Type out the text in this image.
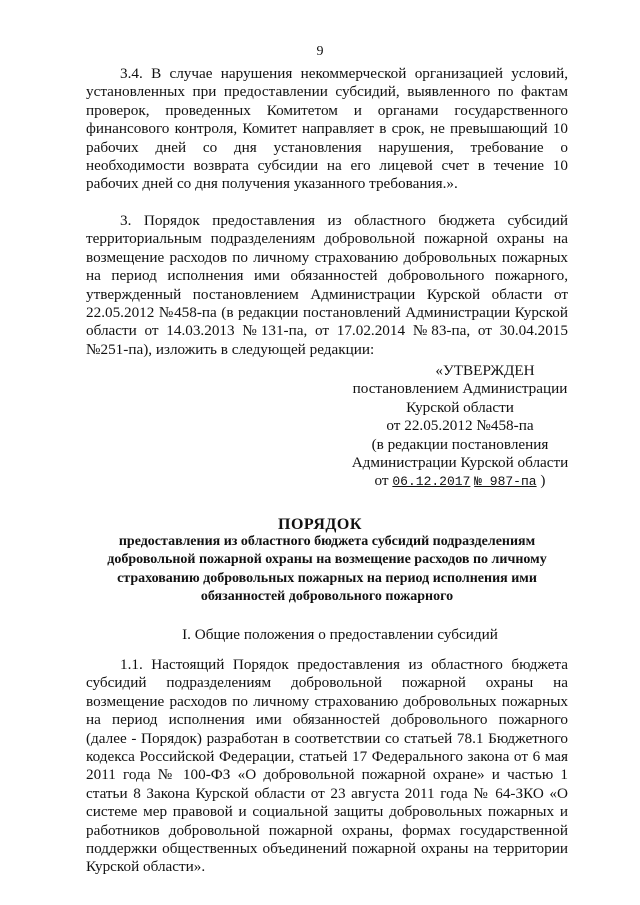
9

3.4. В случае нарушения некоммерческой организацией условий, установленных при предоставлении субсидий, выявленного по фактам проверок, проведенных Комитетом и органами государственного финансового контроля, Комитет направляет в срок, не превышающий 10 рабочих дней со дня установления нарушения, требование о необходимости возврата субсидии на его лицевой счет в течение 10 рабочих дней со дня получения указанного требования.».

3. Порядок предоставления из областного бюджета субсидий территориальным подразделениям добровольной пожарной охраны на возмещение расходов по личному страхованию добровольных пожарных на период исполнения ими обязанностей добровольного пожарного, утвержденный постановлением Администрации Курской области от 22.05.2012 №458-па (в редакции постановлений Администрации Курской области от 14.03.2013 №131-па, от 17.02.2014 №83-па, от 30.04.2015 №251-па), изложить в следующей редакции:

«УТВЕРЖДЕН
постановлением Администрации
Курской области
от 22.05.2012 №458-па
(в редакции постановления
Администрации Курской области
от 06.12.2017 № 987-па )
ПОРЯДОК
предоставления из областного бюджета субсидий подразделениям добровольной пожарной охраны на возмещение расходов по личному страхованию добровольных пожарных на период исполнения ими обязанностей добровольного пожарного
I. Общие положения о предоставлении субсидий

1.1. Настоящий Порядок предоставления из областного бюджета субсидий подразделениям добровольной пожарной охраны на возмещение расходов по личному страхованию добровольных пожарных на период исполнения ими обязанностей добровольного пожарного (далее - Порядок) разработан в соответствии со статьей 78.1 Бюджетного кодекса Российской Федерации, статьей 17 Федерального закона от 6 мая 2011 года № 100-ФЗ «О добровольной пожарной охране» и частью 1 статьи 8 Закона Курской области от 23 августа 2011 года № 64-ЗКО «О системе мер правовой и социальной защиты добровольных пожарных и работников добровольной пожарной охраны, формах государственной поддержки общественных объединений пожарной охраны на территории Курской области».
